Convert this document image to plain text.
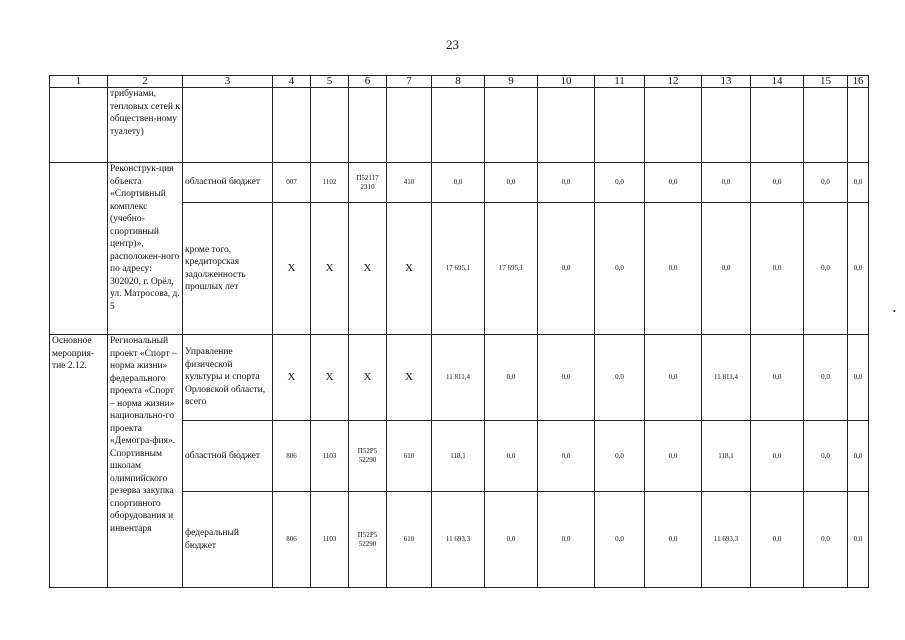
23
1	2	3	4	5	6	7	8	9	10	11	12	13	14	15	16
	трибунами, тепловых сетей к обществен-ному туалету)														
	Реконструк-ция объекта «Спортивный комплекс (учебно-спортивный центр)», расположен-ного по адресу: 302020, г. Орёл, ул. Матросова, д. 5	областной бюджет	007	1102	П52117 2310	410	0,0	0,0	0,0	0,0	0,0	0,0	0,0	0,0	0,0
		кроме того, кредиторская задолженность прошлых лет	X	X	X	X	17 695,1	17 695,1	0,0	0,0	0,0	0,0	0,0	0,0	0,0
Основное мероприя-тие 2.12.	Региональный проект «Спорт – норма жизни» федерального проекта «Спорт – норма жизни» национально-го проекта «Демогра-фия». Спортивным школам олимпийского резерва закупка спортивного оборудования и инвентаря	Управление физической культуры и спорта Орловской области, всего	X	X	X	X	11 811,4	0,0	0,0	0,0	0,0	11 811,4	0,0	0,0	0,0
		областной бюджет	806	1103	П52Р5 52290	610	118,1	0,0	0,0	0,0	0,0	118,1	0,0	0,0	0,0
		федеральный бюджет	806	1103	П52Р5 52290	610	11 693,3	0,0	0,0	0,0	0,0	11 693,3	0,0	0,0	0,0
•
